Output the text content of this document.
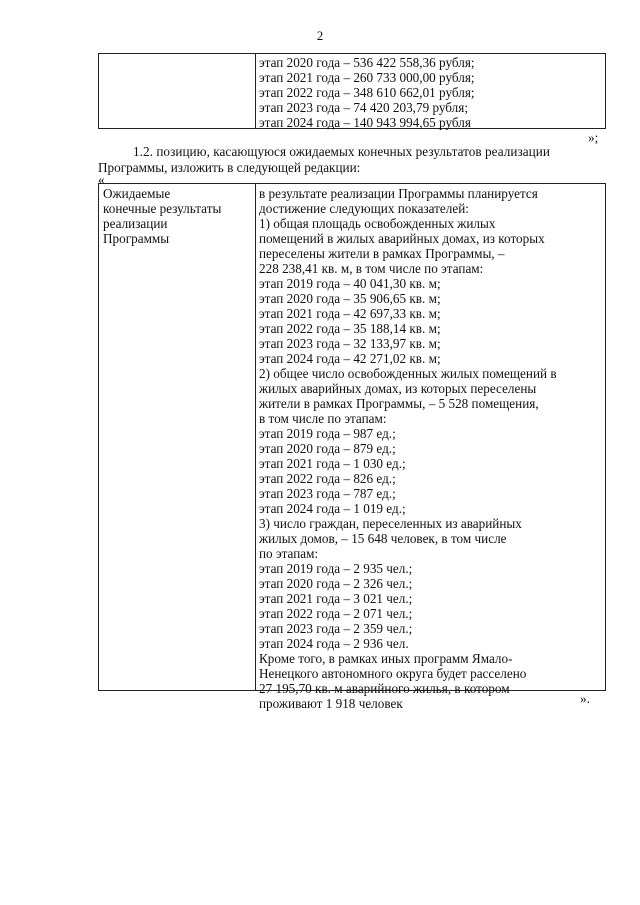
2
этап 2020 года – 536 422 558,36 рубля;
этап 2021 года – 260 733 000,00 рубля;
этап 2022 года – 348 610 662,01 рубля;
этап 2023 года – 74 420 203,79 рубля;
этап 2024 года – 140 943 994,65 рубля
»;
1.2. позицию, касающуюся ожидаемых конечных результатов реализации
Программы, изложить в следующей редакции:
«
Ожидаемые
конечные результаты
реализации
Программы
в результате реализации Программы планируется
достижение следующих показателей:
1) общая площадь освобожденных жилых
помещений в жилых аварийных домах, из которых
переселены жители в рамках Программы, –
228 238,41 кв. м, в том числе по этапам:
этап 2019 года – 40 041,30 кв. м;
этап 2020 года – 35 906,65 кв. м;
этап 2021 года – 42 697,33 кв. м;
этап 2022 года – 35 188,14 кв. м;
этап 2023 года – 32 133,97 кв. м;
этап 2024 года – 42 271,02 кв. м;
2) общее число освобожденных жилых помещений в
жилых аварийных домах, из которых переселены
жители в рамках Программы, – 5 528 помещения,
в том числе по этапам:
этап 2019 года – 987 ед.;
этап 2020 года – 879 ед.;
этап 2021 года – 1 030 ед.;
этап 2022 года – 826 ед.;
этап 2023 года – 787 ед.;
этап 2024 года – 1 019 ед.;
3) число граждан, переселенных из аварийных
жилых домов, – 15 648 человек, в том числе
по этапам:
этап 2019 года – 2 935 чел.;
этап 2020 года – 2 326 чел.;
этап 2021 года – 3 021 чел.;
этап 2022 года – 2 071 чел.;
этап 2023 года – 2 359 чел.;
этап 2024 года – 2 936 чел.
Кроме того, в рамках иных программ Ямало-
Ненецкого автономного округа будет расселено
27 195,70 кв. м аварийного жилья, в котором
проживают 1 918 человек	».
